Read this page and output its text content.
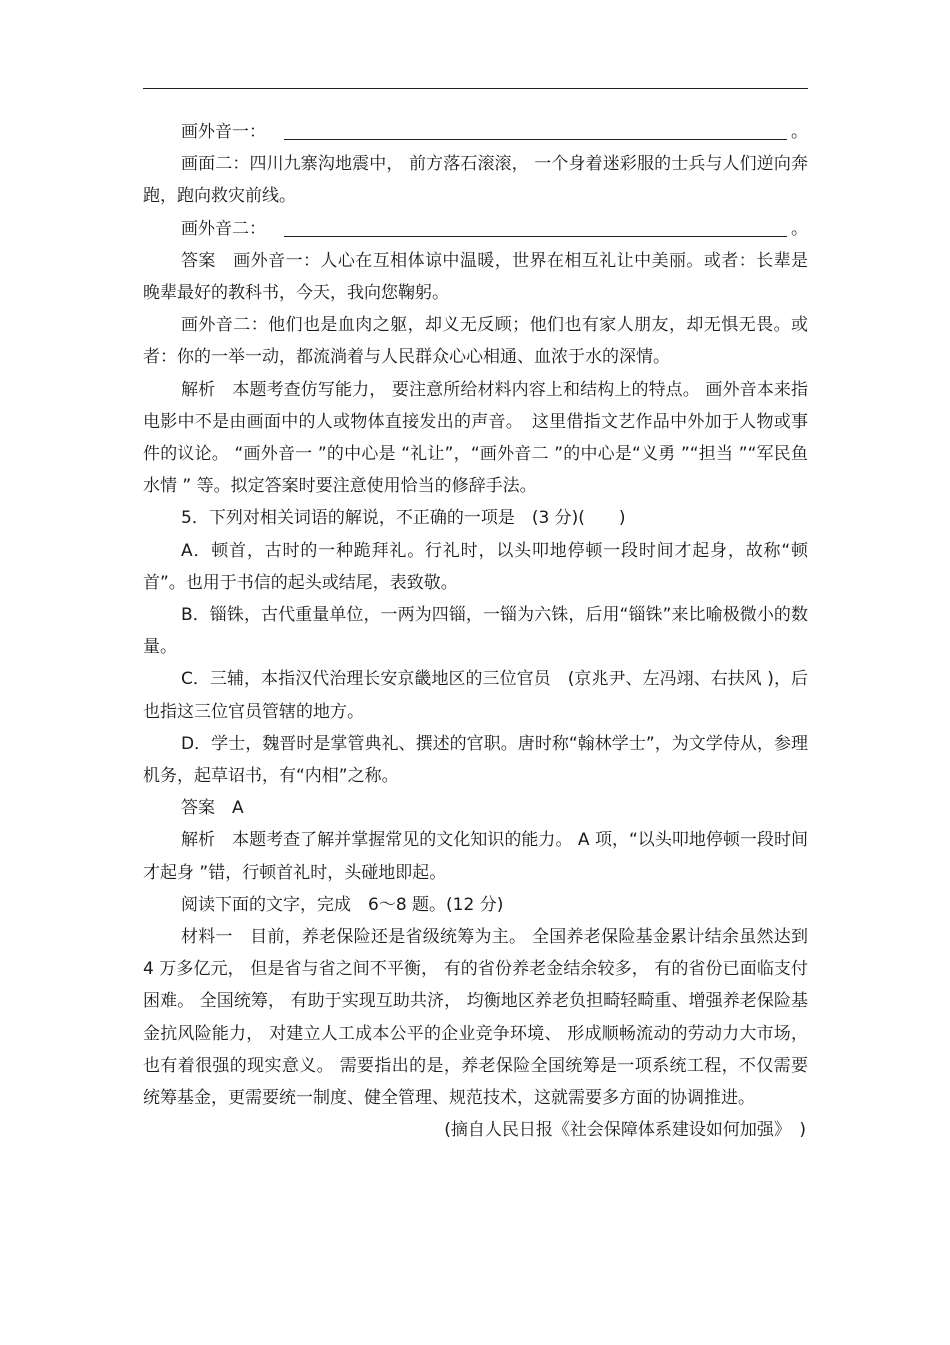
画外音一：	。

画面二：四川九寨沟地震中， 前方落石滚滚， 一个身着迷彩服的士兵与人们逆向奔跑，跑向救灾前线。

画外音二：	。

答案　画外音一：人心在互相体谅中温暖，世界在相互礼让中美丽。或者：长辈是晚辈最好的教科书，今天，我向您鞠躬。

画外音二：他们也是血肉之躯，却义无反顾；他们也有家人朋友，却无惧无畏。或者：你的一举一动，都流淌着与人民群众心心相通、血浓于水的深情。

解析　本题考查仿写能力， 要注意所给材料内容上和结构上的特点。 画外音本来指电影中不是由画面中的人或物体直接发出的声音。　这里借指文艺作品中外加于人物或事件的议论。 “画外音一 ”的中心是 “礼让”，“画外音二 ”的中心是“义勇 ”“担当 ”“军民鱼水情 ” 等。拟定答案时要注意使用恰当的修辞手法。

5．下列对相关词语的解说，不正确的一项是　(3 分)(　　)

A．顿首，古时的一种跪拜礼。行礼时，以头叩地停顿一段时间才起身，故称“顿首”。也用于书信的起头或结尾，表致敬。

B．锱铢，古代重量单位，一两为四锱，一锱为六铢，后用“锱铢”来比喻极微小的数量。

C．三辅，本指汉代治理长安京畿地区的三位官员　(京兆尹、左冯翊、右扶风 )，后也指这三位官员管辖的地方。

D．学士，魏晋时是掌管典礼、撰述的官职。唐时称“翰林学士”，为文学侍从，参理机务，起草诏书，有“内相”之称。

答案　A

解析　本题考查了解并掌握常见的文化知识的能力。 A 项，“以头叩地停顿一段时间才起身 ”错，行顿首礼时，头碰地即起。

阅读下面的文字，完成　6～8 题。(12 分)

材料一　目前，养老保险还是省级统筹为主。 全国养老保险基金累计结余虽然达到 4 万多亿元， 但是省与省之间不平衡， 有的省份养老金结余较多， 有的省份已面临支付困难。 全国统筹， 有助于实现互助共济， 均衡地区养老负担畸轻畸重、增强养老保险基金抗风险能力， 对建立人工成本公平的企业竞争环境、 形成顺畅流动的劳动力大市场， 也有着很强的现实意义。 需要指出的是，养老保险全国统筹是一项系统工程，不仅需要统筹基金，更需要统一制度、健全管理、规范技术，这就需要多方面的协调推进。

(摘自人民日报《社会保障体系建设如何加强》　)
